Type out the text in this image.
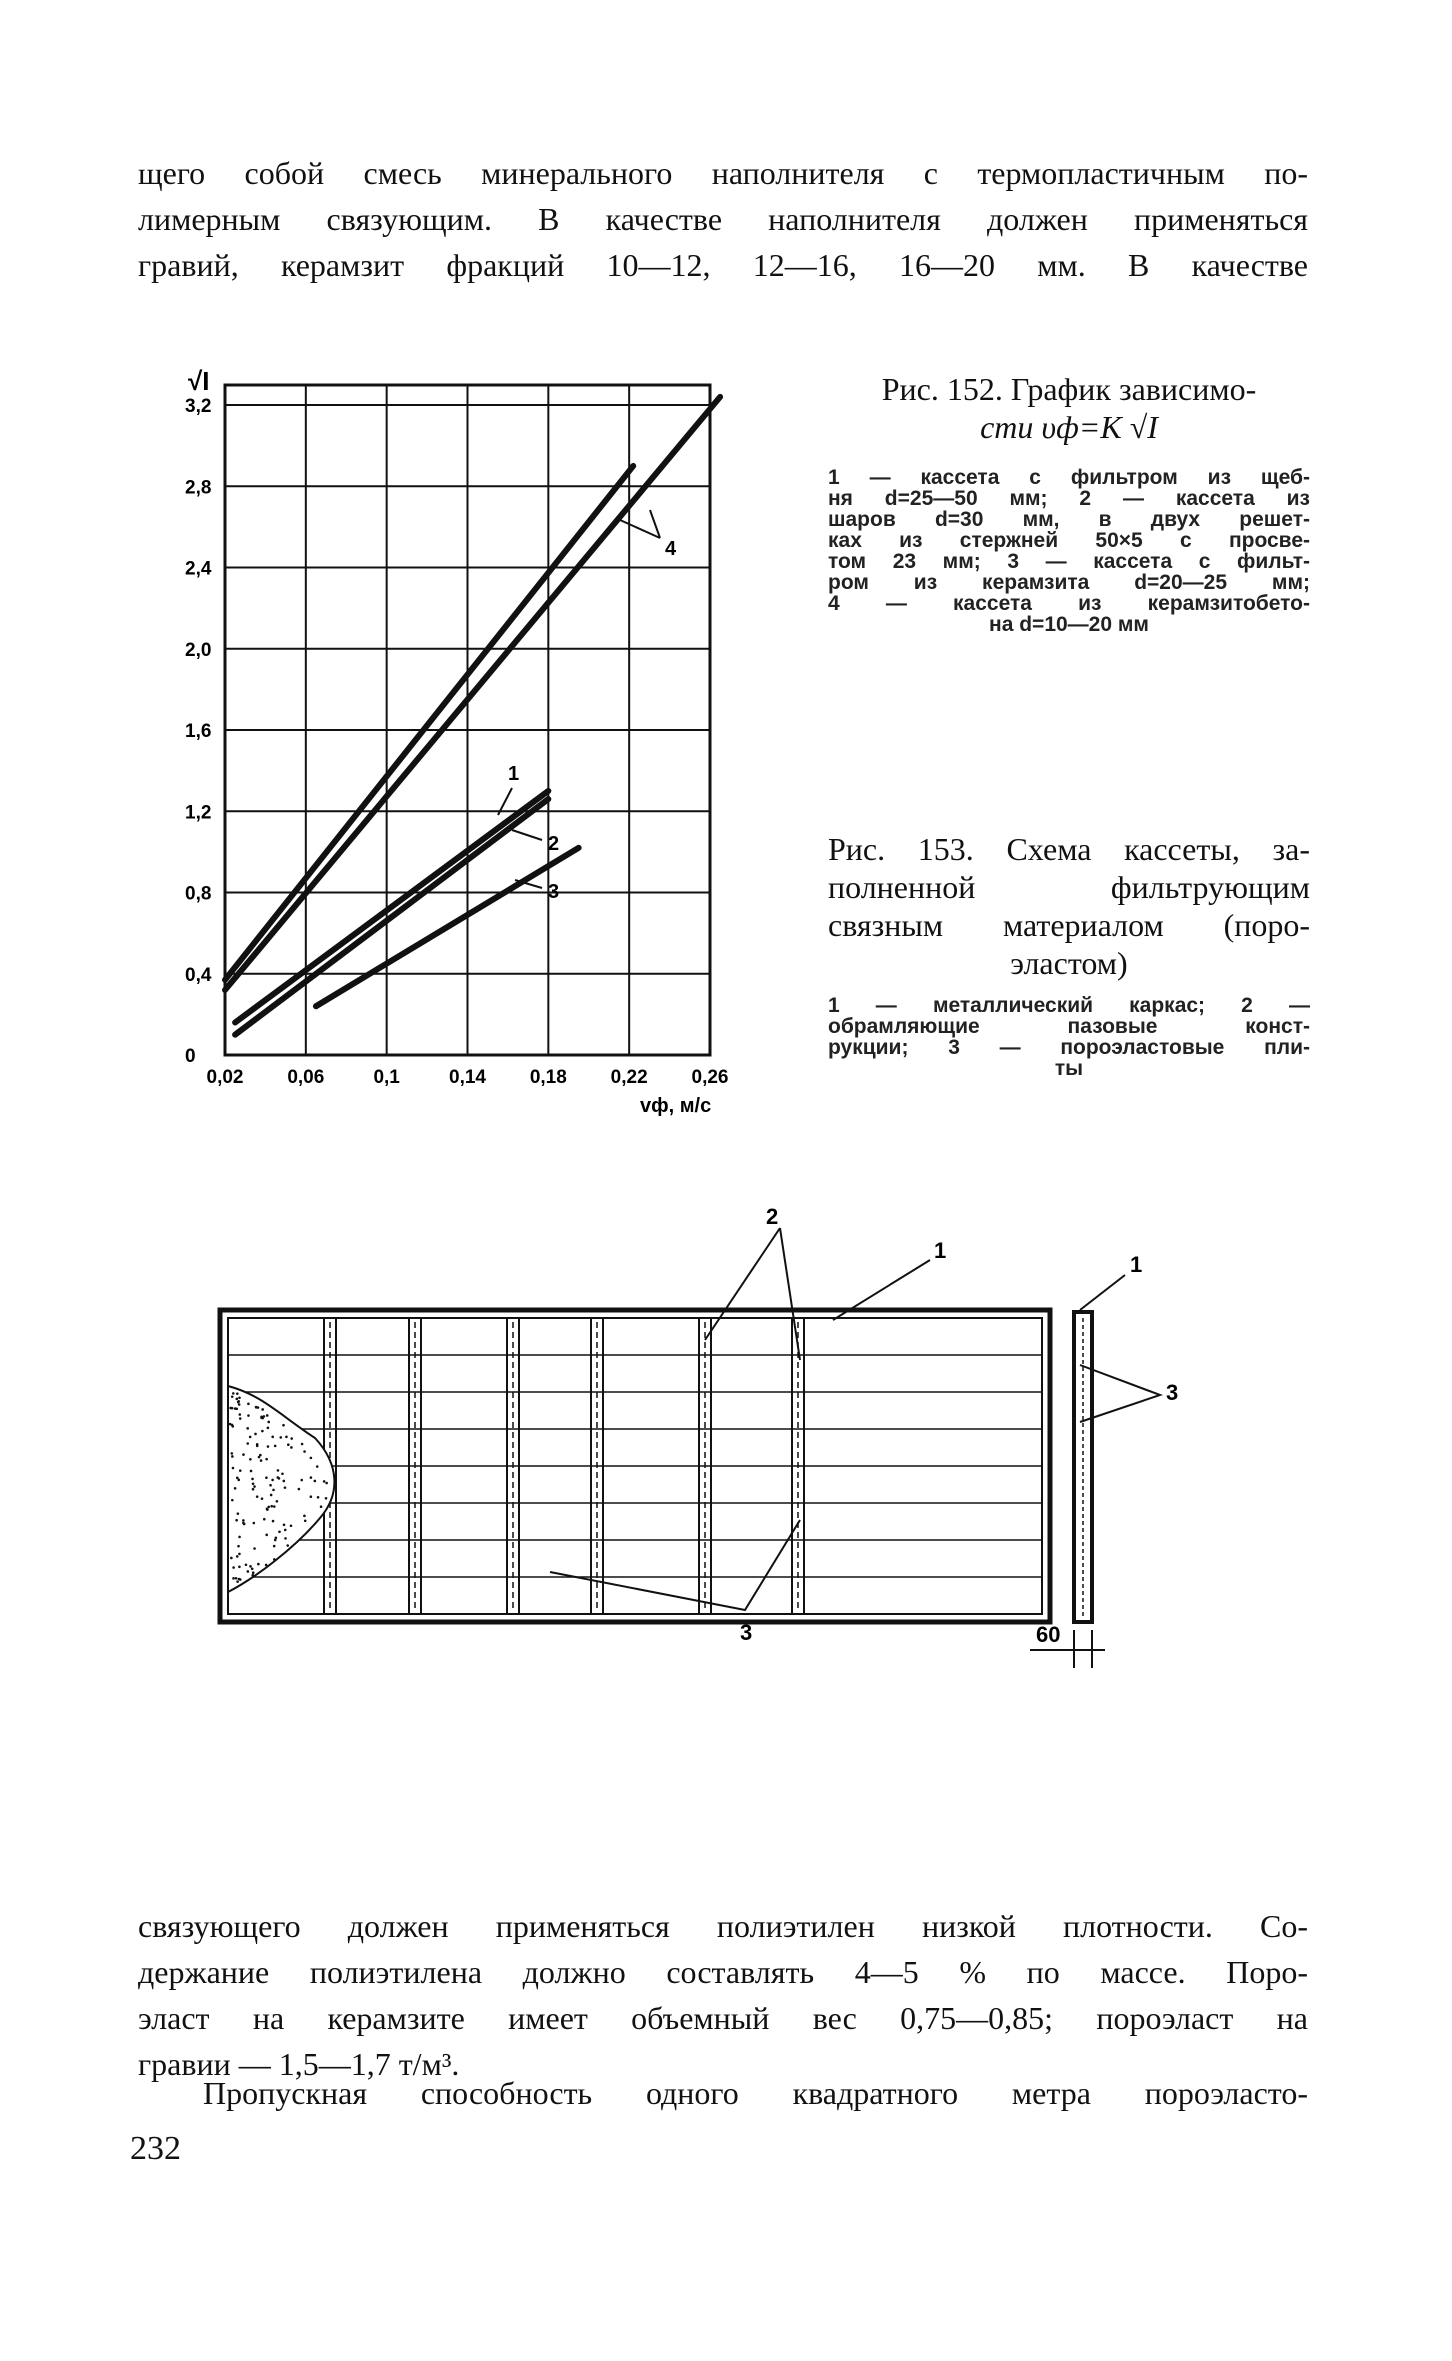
щего собой смесь минерального наполнителя с термопластичным по-
лимерным связующим. В качестве наполнителя должен применяться
гравий, керамзит фракций 10—12, 12—16, 16—20 мм. В качестве
√I
0
0,4
0,8
1,2
1,6
2,0
2,4
2,8
3,2
0,02 0,06	0,1	0,14 0,18 0,22 0,26
vф, м/с
4
1
2
3
Рис. 152. График зависимо-
сти υф=K √I
1 — кассета с фильтром из щеб-
ня d=25—50 мм; 2 — кассета из
шаров d=30 мм, в двух решет-
ках из стержней 50×5 с просве-
том 23 мм; 3 — кассета с фильт-
ром из керамзита d=20—25 мм;
4 — кассета из керамзитобето-
на d=10—20 мм
Рис. 153. Схема кассеты, за-
полненной фильтрующим
связным материалом (поро-
эластом)
1 — металлический каркас; 2 —
обрамляющие пазовые конст-
рукции; 3 — пороэластовые пли-
ты
2
1
3
1
3
60
связующего должен применяться полиэтилен низкой плотности. Со-
держание полиэтилена должно составлять 4—5 % по массе. Поро-
эласт на керамзите имеет объемный вес 0,75—0,85; пороэласт на
гравии — 1,5—1,7 т/м³.
Пропускная способность одного квадратного метра пороэласто-
232
